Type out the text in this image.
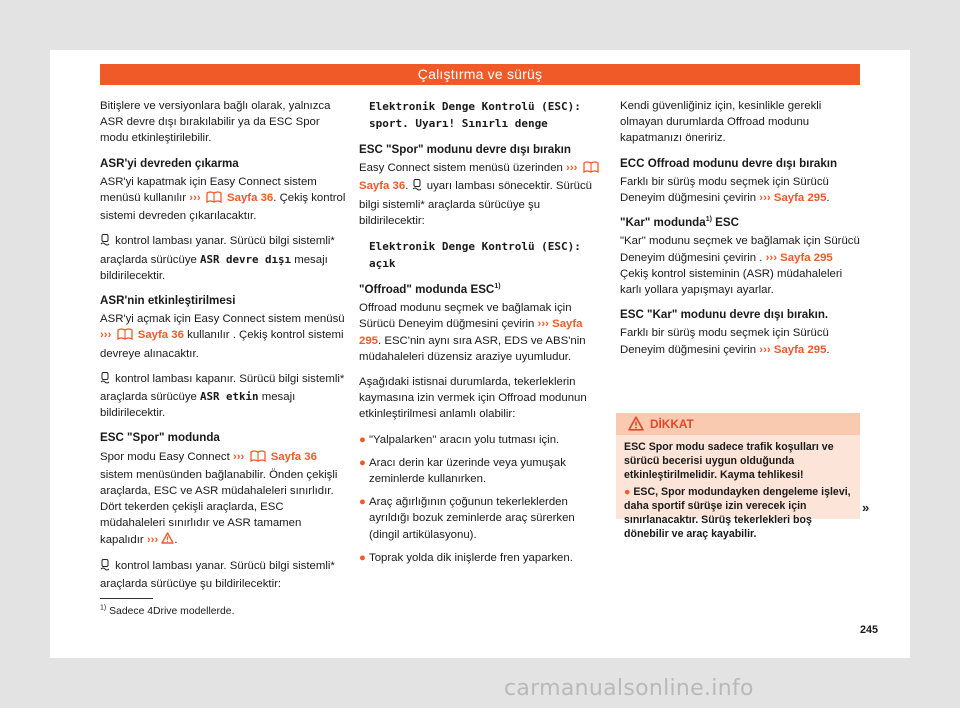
Çalıştırma ve sürüş

Bitişlere ve versiyonlara bağlı olarak, yalnızca ASR devre dışı bırakılabilir ya da ESC Spor modu etkinleştirilebilir.

ASR'yi devreden çıkarma

ASR'yi kapatmak için Easy Connect sistem menüsü kullanılır ››› Sayfa 36. Çekiş kontrol sistemi devreden çıkarılacaktır.

kontrol lambası yanar. Sürücü bilgi sistemli* araçlarda sürücüye ASR devre dışı mesajı bildirilecektir.

ASR'nin etkinleştirilmesi

ASR'yi açmak için Easy Connect sistem menüsü ››› Sayfa 36 kullanılır . Çekiş kontrol sistemi devreye alınacaktır.

kontrol lambası kapanır. Sürücü bilgi sistemli* araçlarda sürücüye ASR etkin mesajı bildirilecektir.

ESC "Spor" modunda

Spor modu Easy Connect ››› Sayfa 36 sistem menüsünden bağlanabilir. Önden çekişli araçlarda, ESC ve ASR müdahaleleri sınırlıdır. Dört tekerden çekişli araçlarda, ESC müdahaleleri sınırlıdır ve ASR tamamen kapalıdır ››› .

kontrol lambası yanar. Sürücü bilgi sistemli* araçlarda sürücüye şu bildirilecektir:

Elektronik Denge Kontrolü (ESC): sport. Uyarı! Sınırlı denge
ESC "Spor" modunu devre dışı bırakın

Easy Connect sistem menüsü üzerinden ›››  Sayfa 36.  uyarı lambası sönecektir. Sürücü bilgi sistemli* araçlarda sürücüye şu bildirilecektir:

Elektronik Denge Kontrolü (ESC): açık
"Offroad" modunda ESC$^{1)}$

Offroad modunu seçmek ve bağlamak için Sürücü Deneyim düğmesini çevirin ››› Sayfa 295. ESC'nin aynı sıra ASR, EDS ve ABS'nin müdahaleleri düzensiz araziye uyumludur.

Aşağıdaki istisnai durumlarda, tekerleklerin kaymasına izin vermek için Offroad modunun etkinleştirilmesi anlamlı olabilir:

● "Yalpalarken" aracın yolu tutması için.
● Aracı derin kar üzerinde veya yumuşak zeminlerde kullanırken.
● Araç ağırlığının çoğunun tekerleklerden ayrıldığı bozuk zeminlerde araç sürerken (dingil artikülasyonu).
● Toprak yolda dik inişlerde fren yaparken.

Kendi güvenliğiniz için, kesinlikle gerekli olmayan durumlarda Offroad modunu kapatmanızı öneririz.

ECC Offroad modunu devre dışı bırakın

Farklı bir sürüş modu seçmek için Sürücü Deneyim düğmesini çevirin ››› Sayfa 295.

"Kar" modunda$^{1)}$ ESC

"Kar" modunu seçmek ve bağlamak için Sürücü Deneyim düğmesini çevirin . ››› Sayfa 295 Çekiş kontrol sisteminin (ASR) müdahaleleri karlı yollara yapışmayı ayarlar.

ESC "Kar" modunu devre dışı bırakın.

Farklı bir sürüş modu seçmek için Sürücü Deneyim düğmesini çevirin ››› Sayfa 295.

DİKKAT

ESC Spor modu sadece trafik koşulları ve sürücü becerisi uygun olduğunda etkinleştirilmelidir. Kayma tehlikesi!

● ESC, Spor modundayken dengeleme işlevi, daha sportif sürüşe izin verecek için sınırlanacaktır. Sürüş tekerlekleri boş dönebilir ve araç kayabilir.

»
$^{1)}$ Sadece 4Drive modellerde.
245
carmanualsonline.info
